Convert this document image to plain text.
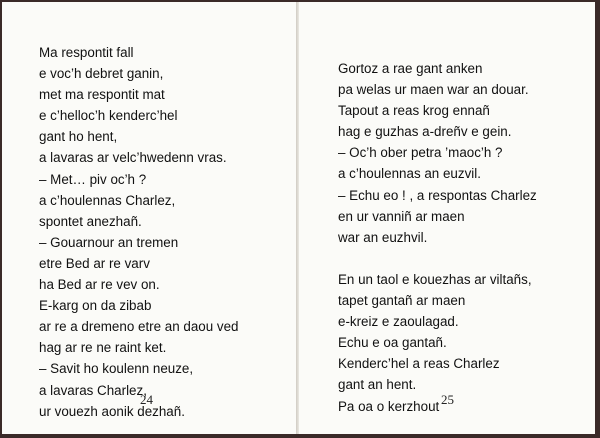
Ma respontit fall
e voc’h debret ganin,
met ma respontit mat
e c’helloc’h kenderc’hel
gant ho hent,
a lavaras ar velc’hwedenn vras.
– Met… piv oc’h ?
a c’houlennas Charlez,
spontet anezhañ.
– Gouarnour an tremen
etre Bed ar re varv
ha Bed ar re vev on.
E-karg on da zibab
ar re a dremeno etre an daou ved
hag ar re ne raint ket.
– Savit ho koulenn neuze,
a lavaras Charlez,
ur vouezh aonik dezhañ.
24
Gortoz a rae gant anken
pa welas ur maen war an douar.
Tapout a reas krog ennañ
hag e guzhas a-dreñv e gein.
– Oc’h ober petra ’maoc’h ?
a c’houlennas an euzvil.
– Echu eo ! , a respontas Charlez
en ur vanniñ ar maen
war an euzhvil.
En un taol e kouezhas ar viltañs,
tapet gantañ ar maen
e-kreiz e zaoulagad.
Echu e oa gantañ.
Kenderc’hel a reas Charlez
gant an hent.
Pa oa o kerzhout 25
